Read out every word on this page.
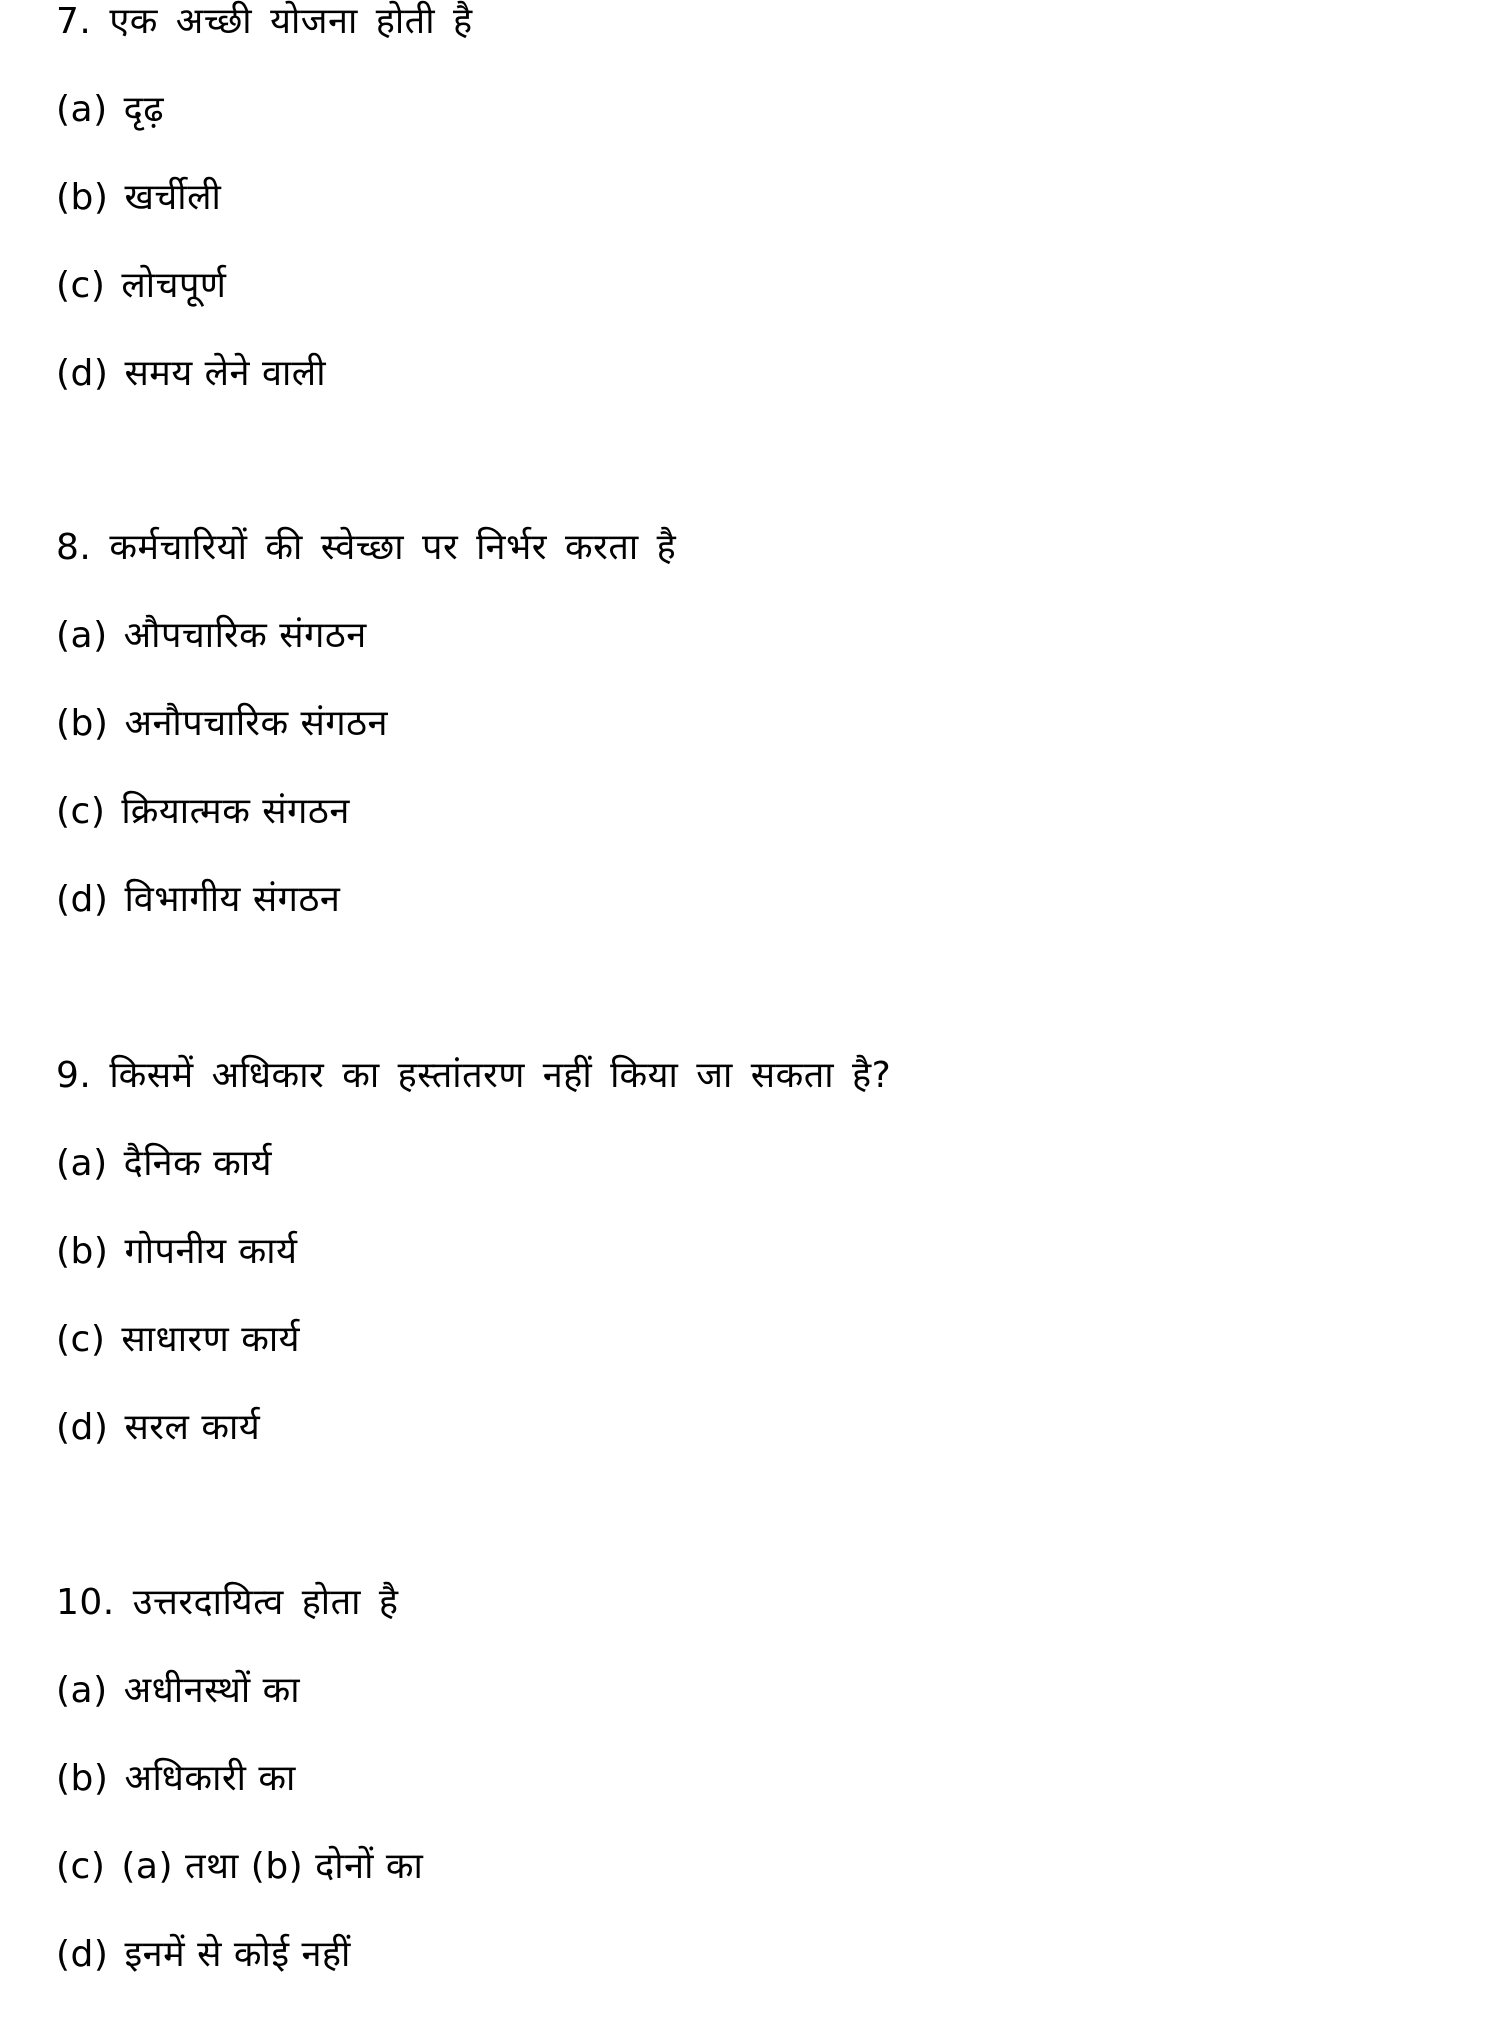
7. एक अच्छी योजना होती है
(a) दृढ़
(b) खर्चीली
(c) लोचपूर्ण
(d) समय लेने वाली
8. कर्मचारियों की स्वेच्छा पर निर्भर करता है
(a) औपचारिक संगठन
(b) अनौपचारिक संगठन
(c) क्रियात्मक संगठन
(d) विभागीय संगठन
9. किसमें अधिकार का हस्तांतरण नहीं किया जा सकता है?
(a) दैनिक कार्य
(b) गोपनीय कार्य
(c) साधारण कार्य
(d) सरल कार्य
10. उत्तरदायित्व होता है
(a) अधीनस्थों का
(b) अधिकारी का
(c) (a) तथा (b) दोनों का
(d) इनमें से कोई नहीं
